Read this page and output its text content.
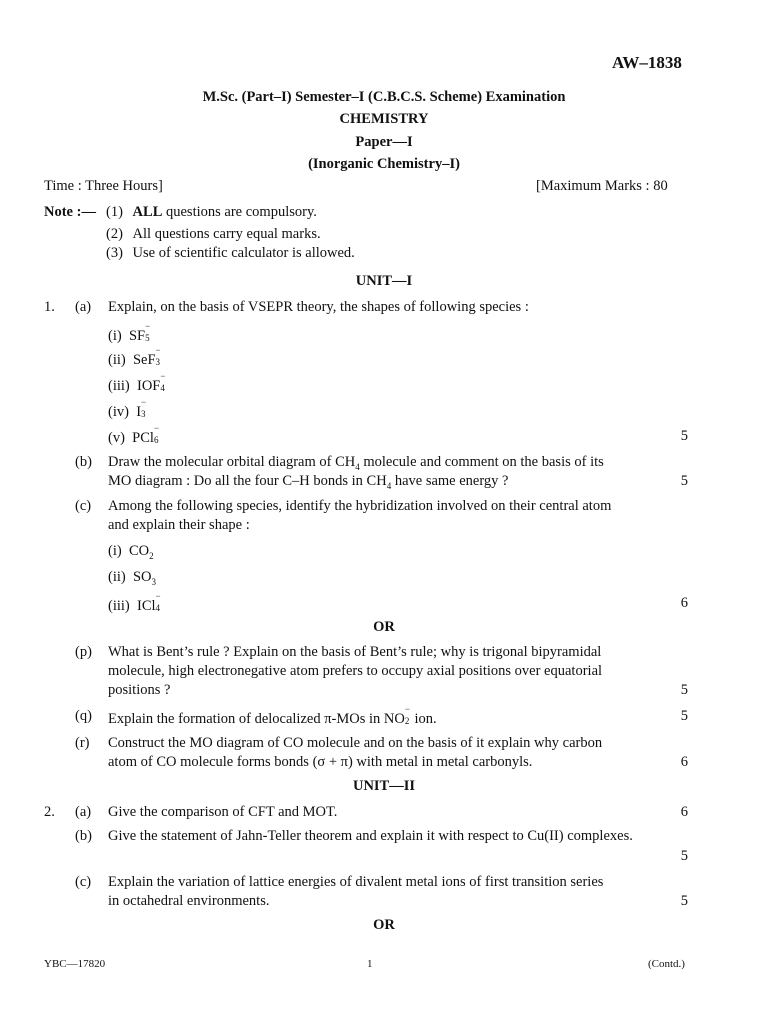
AW–1838
M.Sc. (Part–I) Semester–I (C.B.C.S. Scheme) Examination
CHEMISTRY
Paper—I
(Inorganic Chemistry–I)
Time : Three Hours]	[Maximum Marks : 80
Note :— (1) ALL questions are compulsory.
(2) All questions carry equal marks.
(3) Use of scientific calculator is allowed.
UNIT—I
1. (a) Explain, on the basis of VSEPR theory, the shapes of following species :
(i) SF
−
5
(ii) SeF
−
3
(iii) IOF
−
4
(iv) I
−
3
(v) PCl
−
6	5
(b) Draw the molecular orbital diagram of $CH_4$ molecule and comment on the basis of its
MO diagram : Do all the four C–H bonds in $CH_4$ have same energy ?	5
(c) Among the following species, identify the hybridization involved on their central atom
and explain their shape :
(i) $CO_2$
(ii) $SO_3$
(iii) ICl
−
4	6
OR
(p) What is Bent’s rule ? Explain on the basis of Bent’s rule; why is trigonal bipyramidal
molecule, high electronegative atom prefers to occupy axial positions over equatorial
positions ?	5
(q) Explain the formation of delocalized π-MOs in NO
−
2 ion.	5
(r) Construct the MO diagram of CO molecule and on the basis of it explain why carbon
atom of CO molecule forms bonds (σ + π) with metal in metal carbonyls.	6
UNIT—II
2. (a) Give the comparison of CFT and MOT.	6
(b) Give the statement of Jahn-Teller theorem and explain it with respect to Cu(II) complexes.
5
(c) Explain the variation of lattice energies of divalent metal ions of first transition series
in octahedral environments.	5
OR
YBC—17820	1	(Contd.)
